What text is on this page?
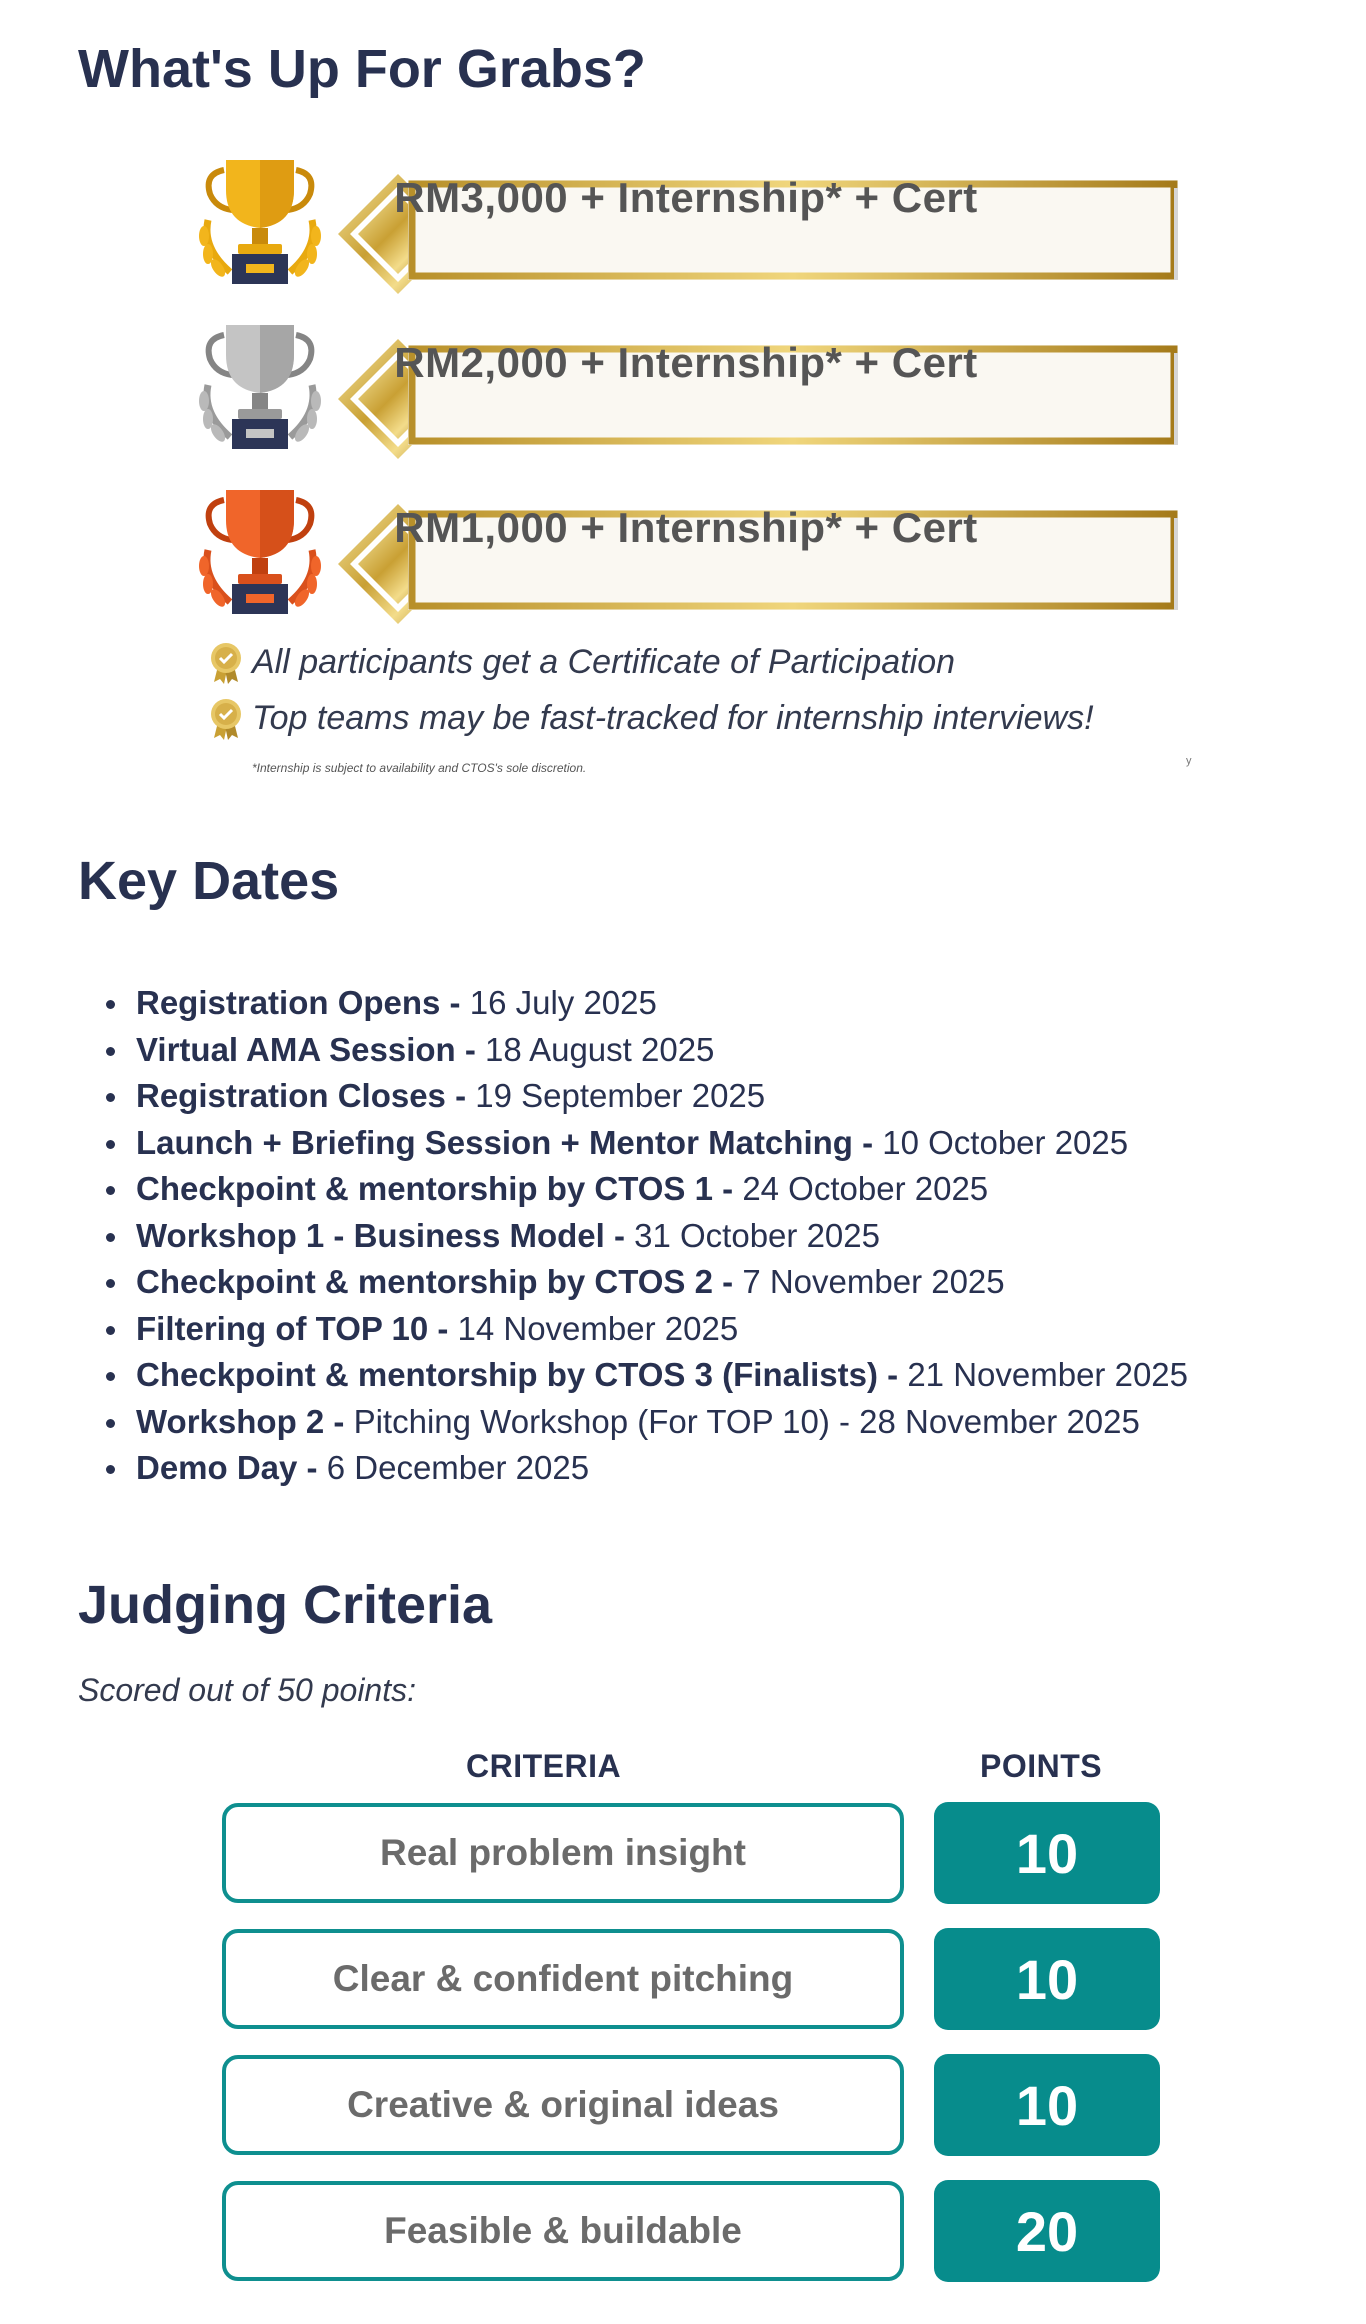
What's Up For Grabs?
RM3,000 + Internship* + Cert
RM2,000 + Internship* + Cert
RM1,000 + Internship* + Cert
All participants get a Certificate of Participation
Top teams may be fast-tracked for internship interviews!
*Internship is subject to availability and CTOS's sole discretion.	y
Key Dates
Registration Opens - 16 July 2025
Virtual AMA Session - 18 August 2025
Registration Closes - 19 September 2025
Launch + Briefing Session + Mentor Matching - 10 October 2025
Checkpoint & mentorship by CTOS 1 - 24 October 2025
Workshop 1 - Business Model - 31 October 2025
Checkpoint & mentorship by CTOS 2 - 7 November 2025
Filtering of TOP 10 - 14 November 2025
Checkpoint & mentorship by CTOS 3 (Finalists) - 21 November 2025
Workshop 2 - Pitching Workshop (For TOP 10) - 28 November 2025
Demo Day - 6 December 2025
Judging Criteria
Scored out of 50 points:
CRITERIA	POINTS
Real problem insight	10
Clear & confident pitching	10
Creative & original ideas	10
Feasible & buildable	20
